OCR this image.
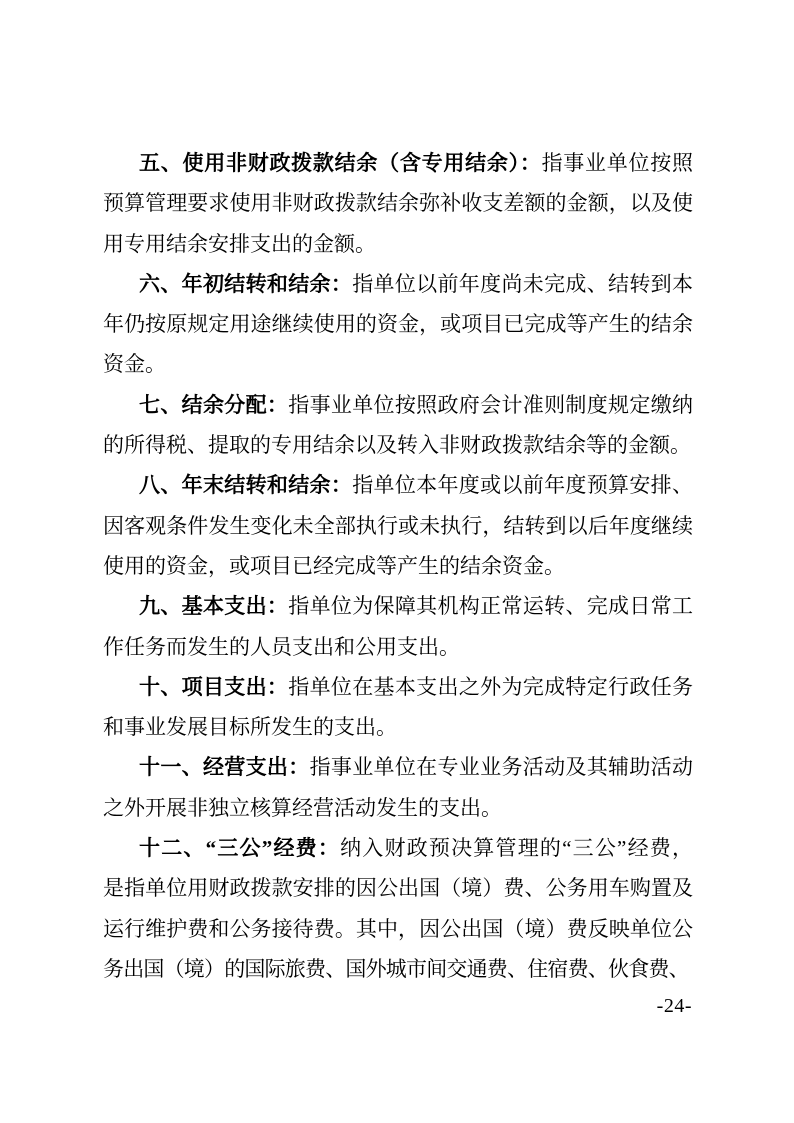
五、使用非财政拨款结余（含专用结余）：指事业单位按照
预算管理要求使用非财政拨款结余弥补收支差额的金额，以及使
用专用结余安排支出的金额。
六、年初结转和结余：指单位以前年度尚未完成、结转到本
年仍按原规定用途继续使用的资金，或项目已完成等产生的结余
资金。
七、结余分配：指事业单位按照政府会计准则制度规定缴纳
的所得税、提取的专用结余以及转入非财政拨款结余等的金额。
八、年末结转和结余：指单位本年度或以前年度预算安排、
因客观条件发生变化未全部执行或未执行，结转到以后年度继续
使用的资金，或项目已经完成等产生的结余资金。
九、基本支出：指单位为保障其机构正常运转、完成日常工
作任务而发生的人员支出和公用支出。
十、项目支出：指单位在基本支出之外为完成特定行政任务
和事业发展目标所发生的支出。
十一、经营支出：指事业单位在专业业务活动及其辅助活动
之外开展非独立核算经营活动发生的支出。
十二、“三公”经费：纳入财政预决算管理的“三公”经费，
是指单位用财政拨款安排的因公出国（境）费、公务用车购置及
运行维护费和公务接待费。其中，因公出国（境）费反映单位公
务出国（境）的国际旅费、国外城市间交通费、住宿费、伙食费、
-24-
